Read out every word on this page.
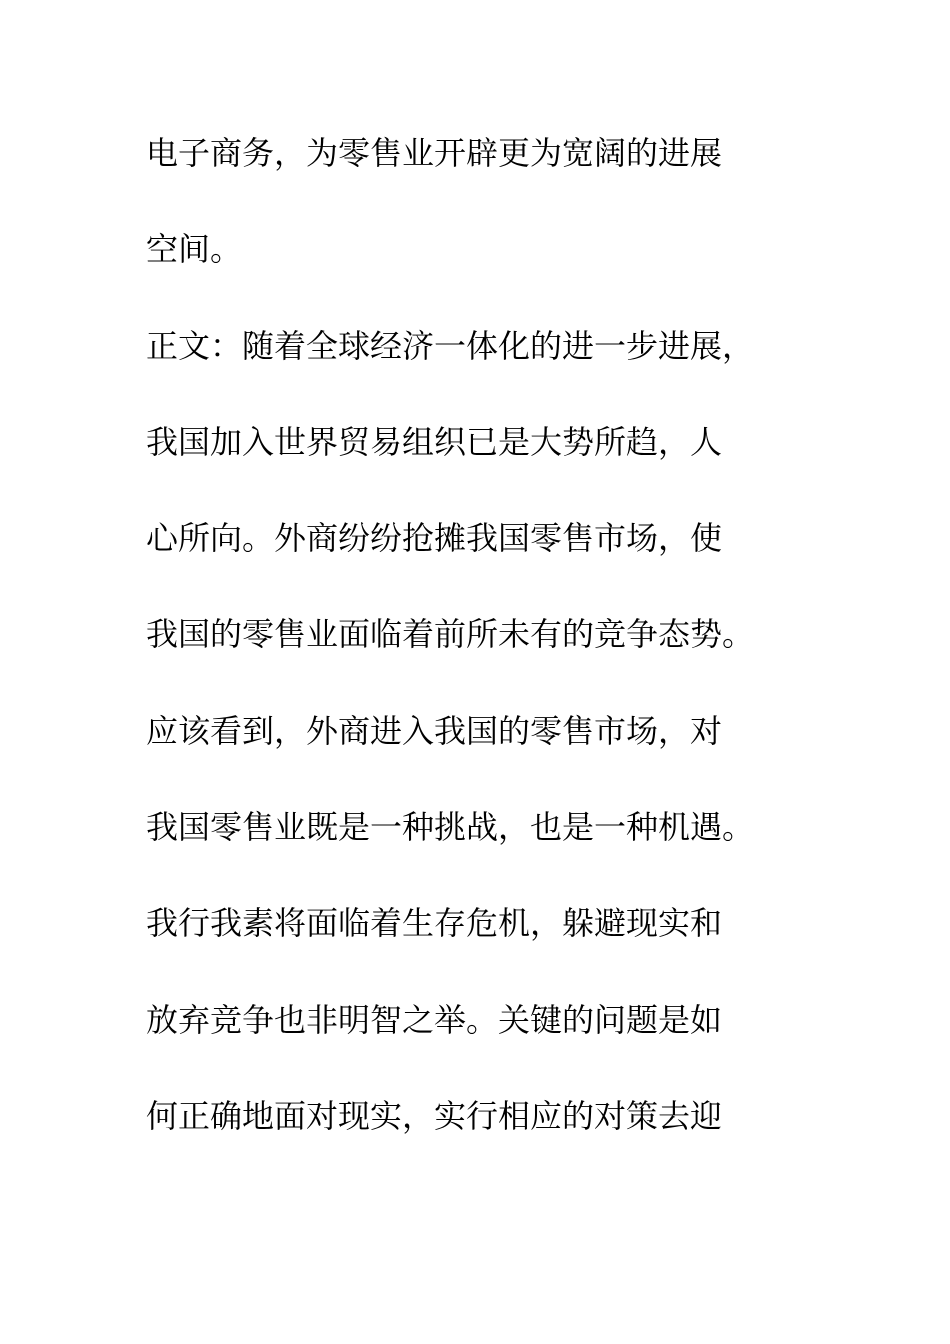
电子商务，为零售业开辟更为宽阔的进展
空间。
正文：随着全球经济一体化的进一步进展，
我国加入世界贸易组织已是大势所趋，人
心所向。外商纷纷抢摊我国零售市场，使
我国的零售业面临着前所未有的竞争态势。
应该看到，外商进入我国的零售市场，对
我国零售业既是一种挑战，也是一种机遇。
我行我素将面临着生存危机，躲避现实和
放弃竞争也非明智之举。关键的问题是如
何正确地面对现实，实行相应的对策去迎
